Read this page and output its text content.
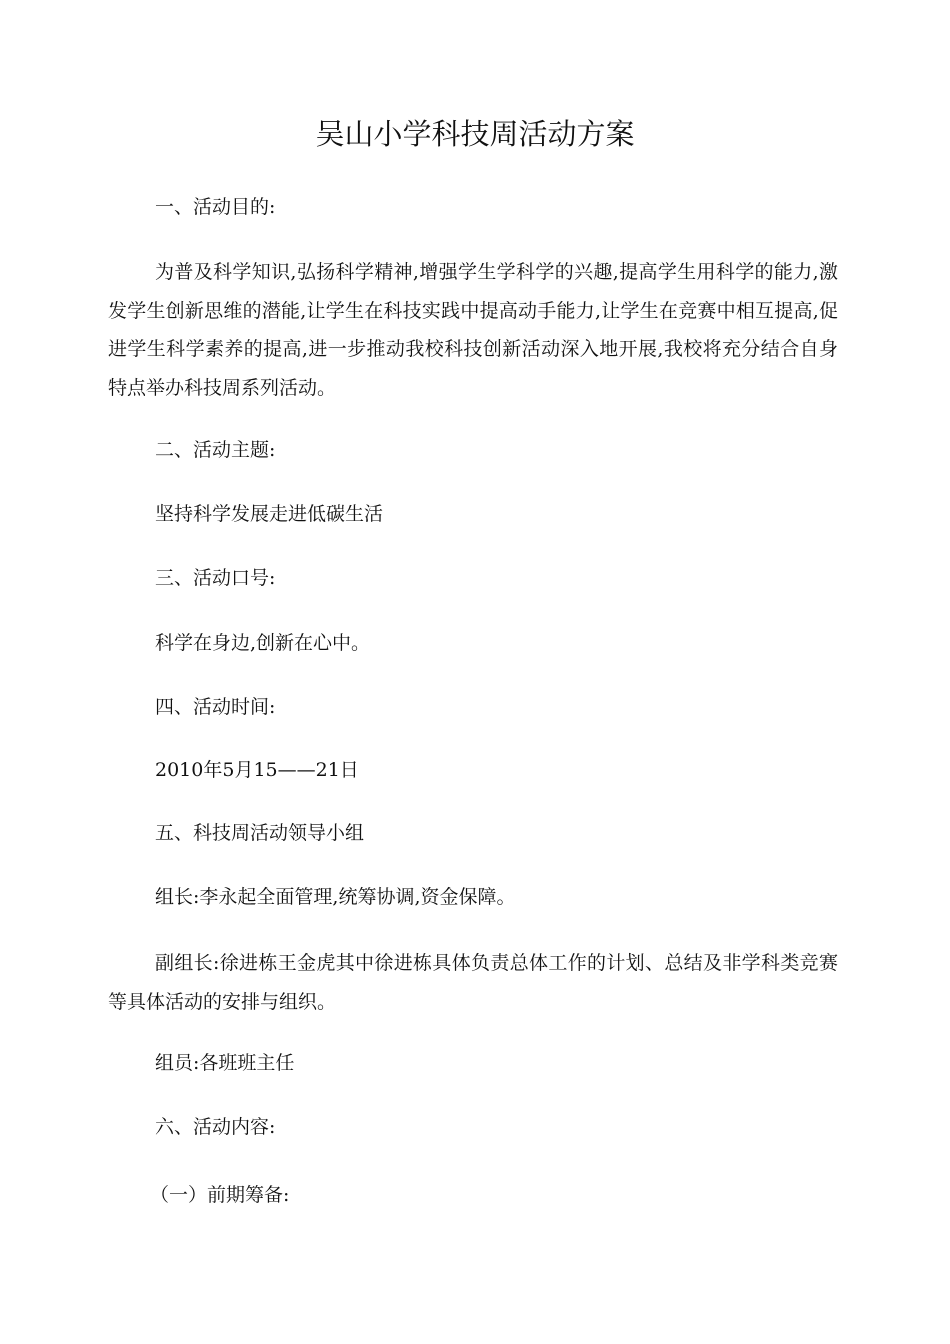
吴山小学科技周活动方案
一、活动目的:
为普及科学知识,弘扬科学精神,增强学生学科学的兴趣,提高学生用科学的能力,激发学生创新思维的潜能,让学生在科技实践中提高动手能力,让学生在竞赛中相互提高,促进学生科学素养的提高,进一步推动我校科技创新活动深入地开展,我校将充分结合自身特点举办科技周系列活动。
二、活动主题:
坚持科学发展走进低碳生活
三、活动口号:
科学在身边,创新在心中。
四、活动时间:
2010年5月15——21日
五、科技周活动领导小组
组长:李永起全面管理,统筹协调,资金保障。
副组长:徐进栋王金虎其中徐进栋具体负责总体工作的计划、总结及非学科类竞赛等具体活动的安排与组织。
组员:各班班主任
六、活动内容:
（一）前期筹备:
